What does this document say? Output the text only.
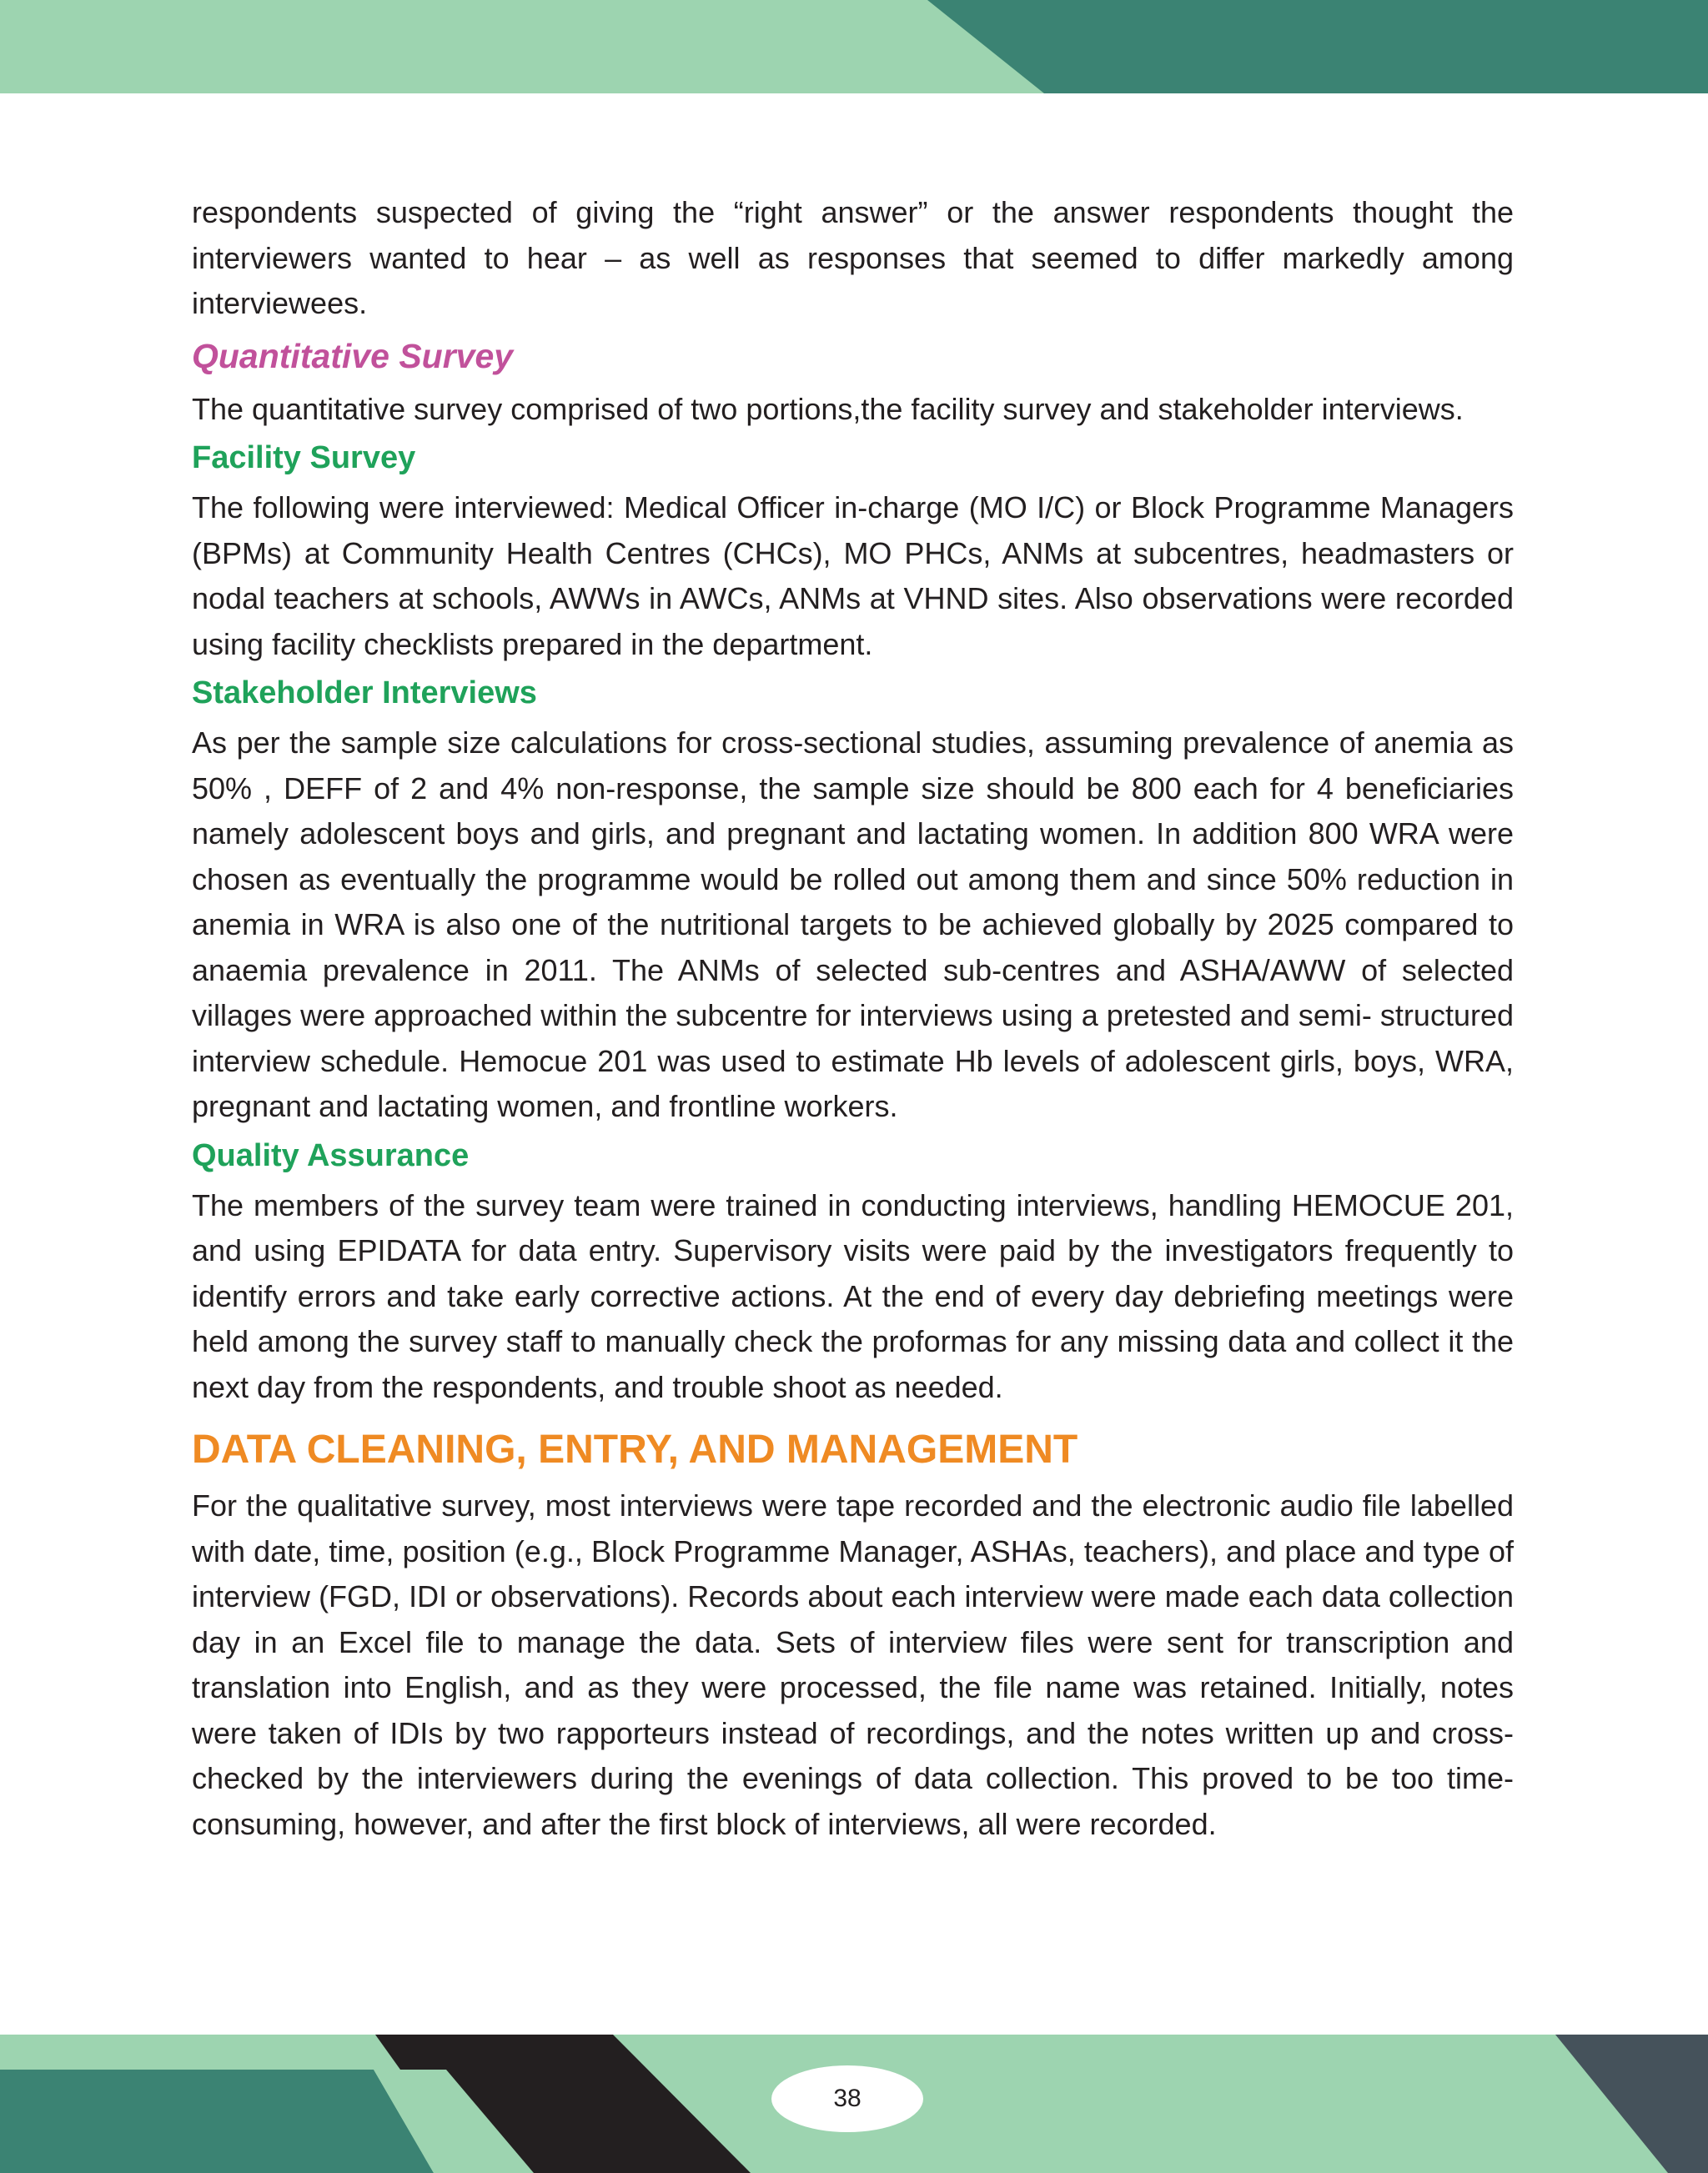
respondents suspected of giving the “right answer” or the answer respondents thought the interviewers wanted to hear – as well as responses that seemed to differ markedly among interviewees.

Quantitative Survey

The quantitative survey comprised of two portions,the facility survey and stakeholder interviews.

Facility Survey

The following were interviewed: Medical Officer in-charge (MO I/C) or Block Programme Managers (BPMs) at Community Health Centres (CHCs), MO PHCs, ANMs at subcentres, headmasters or nodal teachers at schools, AWWs in AWCs, ANMs at VHND sites. Also observations were recorded using facility checklists prepared in the department.

Stakeholder Interviews

As per the sample size calculations for cross-sectional studies, assuming prevalence of anemia as 50% , DEFF of 2 and 4% non-response, the sample size should be 800 each for 4 beneficiaries namely adolescent boys and girls, and pregnant and lactating women. In addition 800 WRA were chosen as eventually the programme would be rolled out among them and since 50% reduction in anemia in WRA is also one of the nutritional targets to be achieved globally by 2025 compared to anaemia prevalence in 2011. The ANMs of selected sub-centres and ASHA/AWW of selected villages were approached within the subcentre for interviews using a pretested and semi- structured interview schedule. Hemocue 201 was used to estimate Hb levels of adolescent girls, boys, WRA, pregnant and lactating women, and frontline workers.

Quality Assurance

The members of the survey team were trained in conducting interviews, handling HEMOCUE 201, and using EPIDATA for data entry. Supervisory visits were paid by the investigators frequently to identify errors and take early corrective actions. At the end of every day debriefing meetings were held among the survey staff to manually check the proformas for any missing data and collect it the next day from the respondents, and trouble shoot as needed.

DATA CLEANING, ENTRY, AND MANAGEMENT

For the qualitative survey, most interviews were tape recorded and the electronic audio file labelled with date, time, position (e.g., Block Programme Manager, ASHAs, teachers), and place and type of interview (FGD, IDI or observations). Records about each interview were made each data collection day in an Excel file to manage the data. Sets of interview files were sent for transcription and translation into English, and as they were processed, the file name was retained. Initially, notes were taken of IDIs by two rapporteurs instead of recordings, and the notes written up and cross-checked by the interviewers during the evenings of data collection. This proved to be too time-consuming, however, and after the first block of interviews, all were recorded.

38
